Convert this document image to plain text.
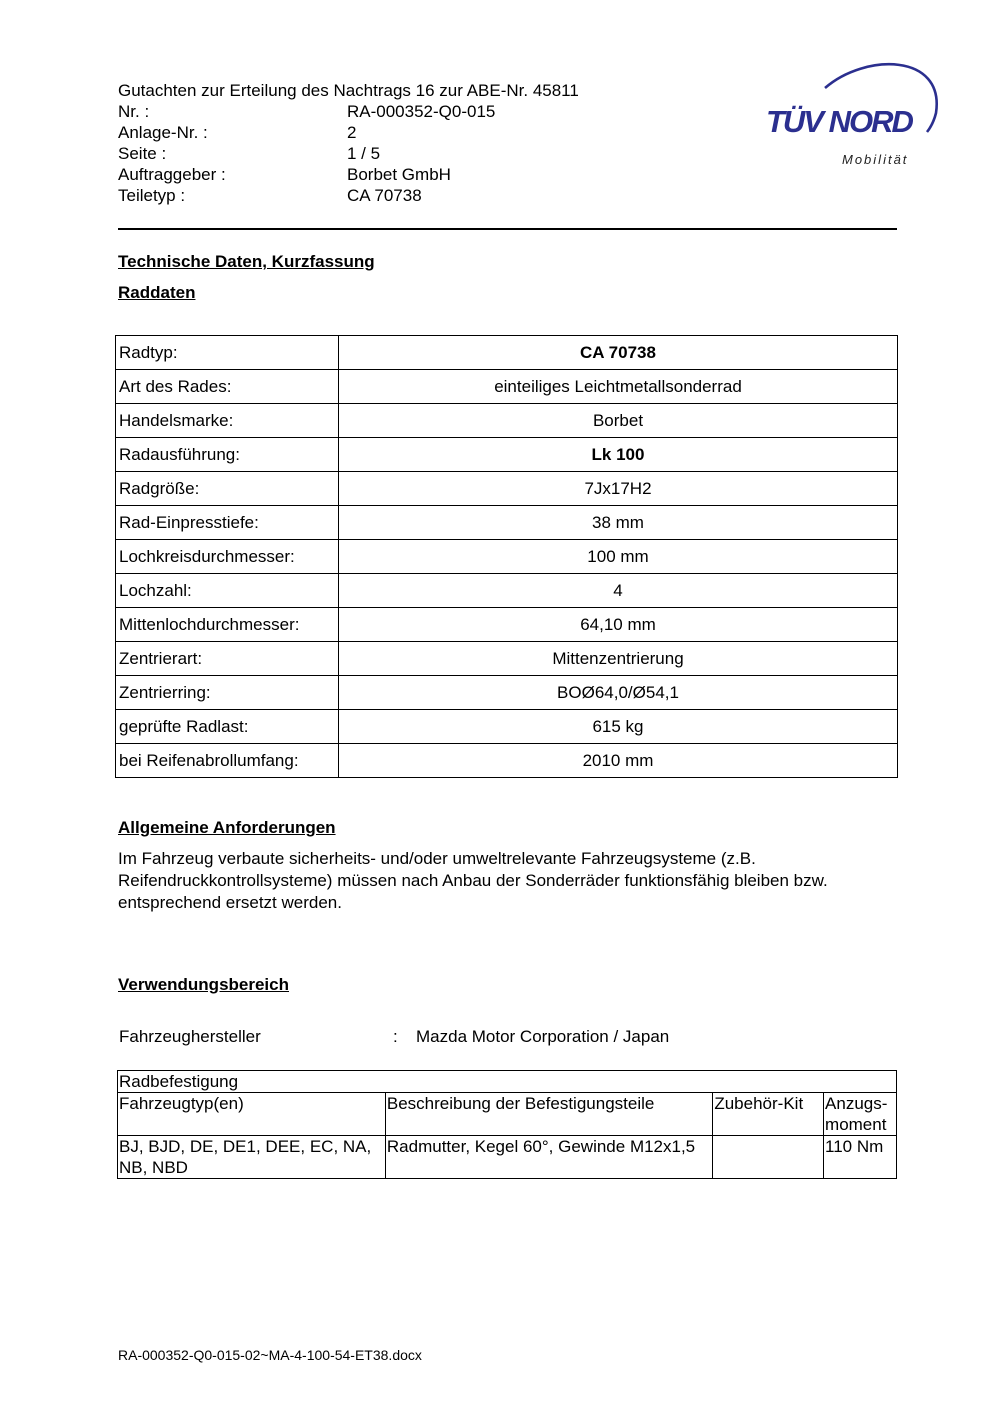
Gutachten zur Erteilung des Nachtrags 16 zur ABE-Nr. 45811
Nr. :	RA-000352-Q0-015
Anlage-Nr. :	2
Seite :	1 / 5
Auftraggeber :	Borbet GmbH
Teiletyp :	CA 70738
TÜV NORD
Mobilität
Technische Daten, Kurzfassung
Raddaten
Radtyp:	CA 70738
Art des Rades:	einteiliges Leichtmetallsonderrad
Handelsmarke:	Borbet
Radausführung:	Lk 100
Radgröße:	7Jx17H2
Rad-Einpresstiefe:	38 mm
Lochkreisdurchmesser:	100 mm
Lochzahl:	4
Mittenlochdurchmesser:	64,10 mm
Zentrierart:	Mittenzentrierung
Zentrierring:	BOØ64,0/Ø54,1
geprüfte Radlast:	615 kg
bei Reifenabrollumfang:	2010 mm
Allgemeine Anforderungen
Im Fahrzeug verbaute sicherheits- und/oder umweltrelevante Fahrzeugsysteme (z.B. Reifendruckkontrollsysteme) müssen nach Anbau der Sonderräder funktionsfähig bleiben bzw. entsprechend ersetzt werden.
Verwendungsbereich
Fahrzeughersteller	: Mazda Motor Corporation / Japan
Radbefestigung			
Fahrzeugtyp(en)	Beschreibung der Befestigungsteile	Zubehör-Kit	Anzugs-moment
BJ, BJD, DE, DE1, DEE, EC, NA, NB, NBD	Radmutter, Kegel 60°, Gewinde M12x1,5		110 Nm
RA-000352-Q0-015-02~MA-4-100-54-ET38.docx
